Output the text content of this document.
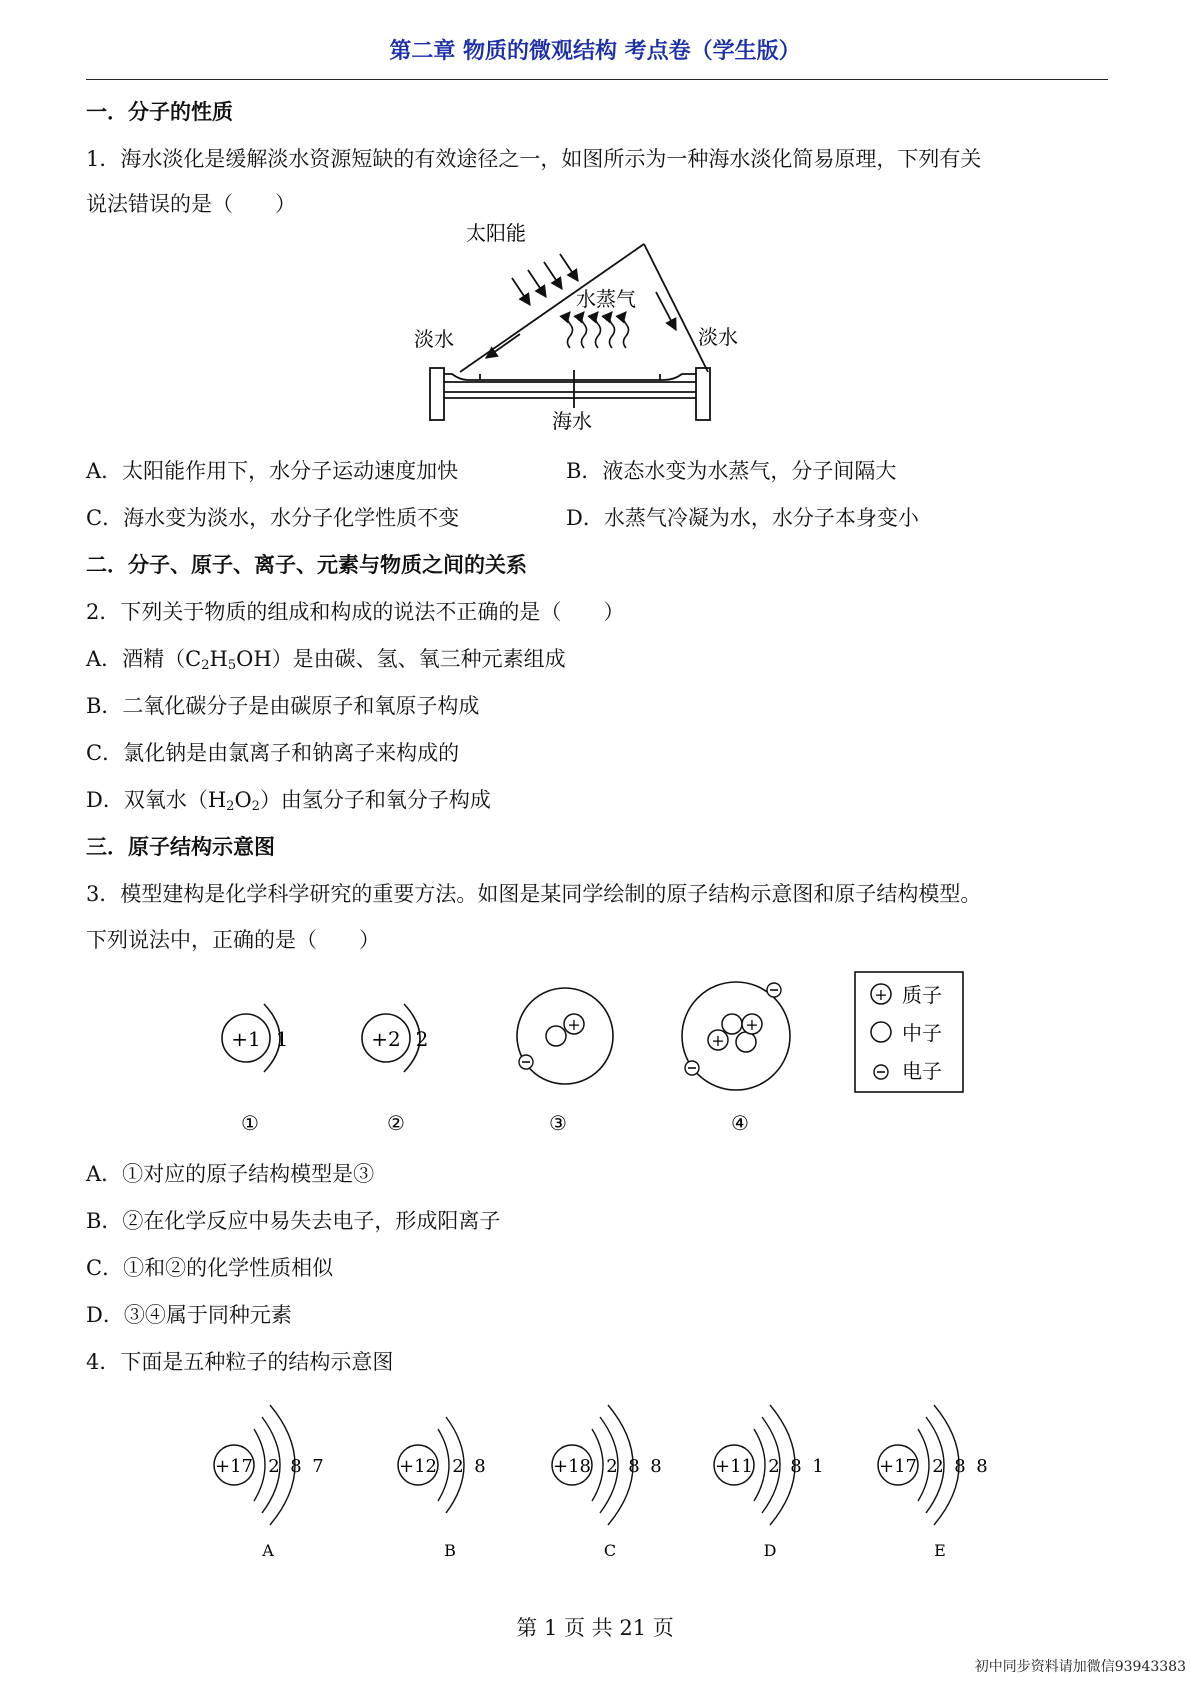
第二章 物质的微观结构 考点卷（学生版）
一．分子的性质
1．海水淡化是缓解淡水资源短缺的有效途径之一，如图所示为一种海水淡化简易原理，下列有关
说法错误的是（　　）
太阳能
水蒸气
淡水	淡水
海水
A．太阳能作用下，水分子运动速度加快	B．液态水变为水蒸气，分子间隔大
C．海水变为淡水，水分子化学性质不变	D．水蒸气冷凝为水，水分子本身变小
二．分子、原子、离子、元素与物质之间的关系
2．下列关于物质的组成和构成的说法不正确的是（　　）
A．酒精$(C_2H_5OH)$是由碳、氢、氧三种元素组成
B．二氧化碳分子是由碳原子和氧原子构成
C．氯化钠是由氯离子和钠离子来构成的
D．双氧水$(H_2O_2)$由氢分子和氧分子构成
三．原子结构示意图
3．模型建构是化学科学研究的重要方法。如图是某同学绘制的原子结构示意图和原子结构模型。
下列说法中，正确的是（　　）
+1 1
①
+2 2
②
+
③
+
+
④
+ 质子
中子
电子
A．①对应的原子结构模型是③
B．②在化学反应中易失去电子，形成阳离子
C．①和②的化学性质相似
D．③④属于同种元素
4．下面是五种粒子的结构示意图
+17 2 8 7
A
+12 2 8
B
+18 2 8 8
C
+11 2 8 1
D
+17 2 8 8
E
第 1 页 共 21 页
初中同步资料请加微信93943383
